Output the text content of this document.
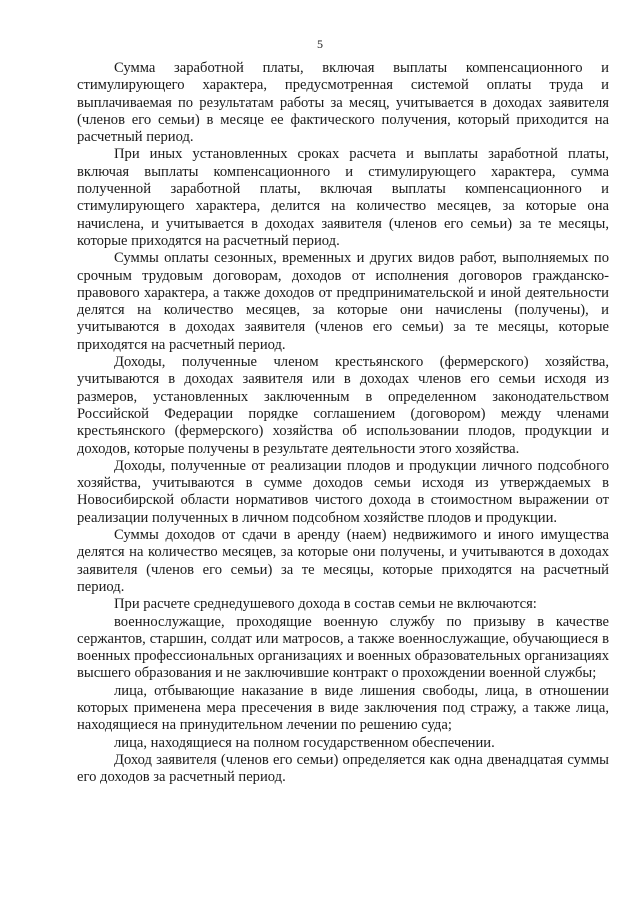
5

Сумма заработной платы, включая выплаты компенсационного и стимулирующего характера, предусмотренная системой оплаты труда и выплачиваемая по результатам работы за месяц, учитывается в доходах заявителя (членов его семьи) в месяце ее фактического получения, который приходится на расчетный период.

При иных установленных сроках расчета и выплаты заработной платы, включая выплаты компенсационного и стимулирующего характера, сумма полученной заработной платы, включая выплаты компенсационного и стимулирующего характера, делится на количество месяцев, за которые она начислена, и учитывается в доходах заявителя (членов его семьи) за те месяцы, которые приходятся на расчетный период.

Суммы оплаты сезонных, временных и других видов работ, выполняемых по срочным трудовым договорам, доходов от исполнения договоров гражданско-правового характера, а также доходов от предпринимательской и иной деятельности делятся на количество месяцев, за которые они начислены (получены), и учитываются в доходах заявителя (членов его семьи) за те месяцы, которые приходятся на расчетный период.

Доходы, полученные членом крестьянского (фермерского) хозяйства, учитываются в доходах заявителя или в доходах членов его семьи исходя из размеров, установленных заключенным в определенном законодательством Российской Федерации порядке соглашением (договором) между членами крестьянского (фермерского) хозяйства об использовании плодов, продукции и доходов, которые получены в результате деятельности этого хозяйства.

Доходы, полученные от реализации плодов и продукции личного подсобного хозяйства, учитываются в сумме доходов семьи исходя из утверждаемых в Новосибирской области нормативов чистого дохода в стоимостном выражении от реализации полученных в личном подсобном хозяйстве плодов и продукции.

Суммы доходов от сдачи в аренду (наем) недвижимого и иного имущества делятся на количество месяцев, за которые они получены, и учитываются в доходах заявителя (членов его семьи) за те месяцы, которые приходятся на расчетный период.

При расчете среднедушевого дохода в состав семьи не включаются:

военнослужащие, проходящие военную службу по призыву в качестве сержантов, старшин, солдат или матросов, а также военнослужащие, обучающиеся в военных профессиональных организациях и военных образовательных организациях высшего образования и не заключившие контракт о прохождении военной службы;

лица, отбывающие наказание в виде лишения свободы, лица, в отношении которых применена мера пресечения в виде заключения под стражу, а также лица, находящиеся на принудительном лечении по решению суда;

лица, находящиеся на полном государственном обеспечении.

Доход заявителя (членов его семьи) определяется как одна двенадцатая суммы его доходов за расчетный период.
